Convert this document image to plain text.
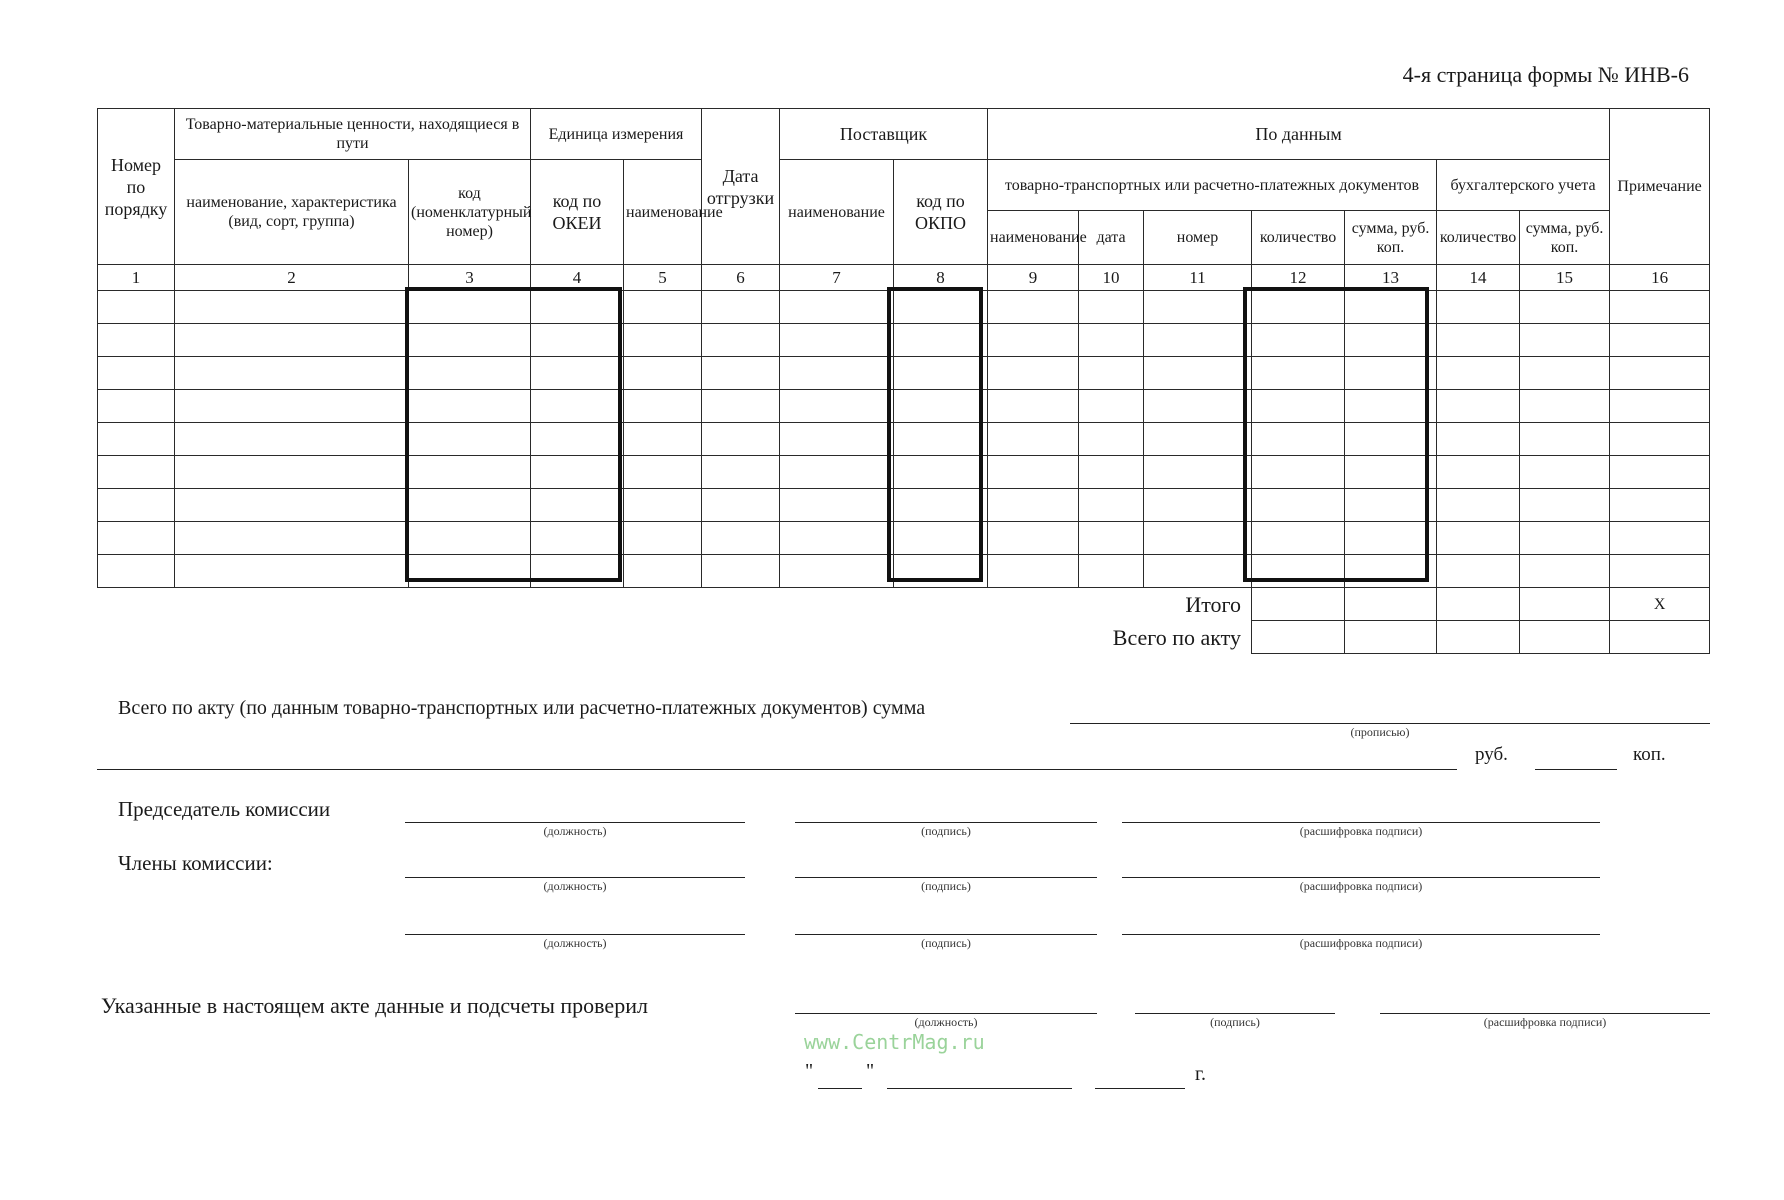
4-я страница формы № ИНВ-6
Номер по порядку	Товарно-материальные ценности, находящиеся в пути		Единица измерения		Дата отгрузки	Поставщик		По данным							Примечание
	наименование, характеристика (вид, сорт, группа)	код (номенклатурный номер)	код по ОКЕИ	наименование		наименование	код по ОКПО	товарно-транспортных или расчетно-платежных документов					бухгалтерского учета		
								наименование	дата	номер	количество	сумма, руб. коп.	количество	сумма, руб. коп.	
1	2	3	4	5	6	7	8	9	10	11	12	13	14	15	16

Итого															Х
Всего по акту															
Всего по акту (по данным товарно-транспортных или расчетно-платежных документов) сумма
(прописью)
руб.	коп.
Председатель комиссии
(должность)	(подпись)	(расшифровка подписи)
Члены комиссии:
(должность)	(подпись)	(расшифровка подписи)
(должность)	(подпись)	(расшифровка подписи)
Указанные в настоящем акте данные и подсчеты проверил
(должность)	(подпись)	(расшифровка подписи)
www.CentrMag.ru
"	"	г.
